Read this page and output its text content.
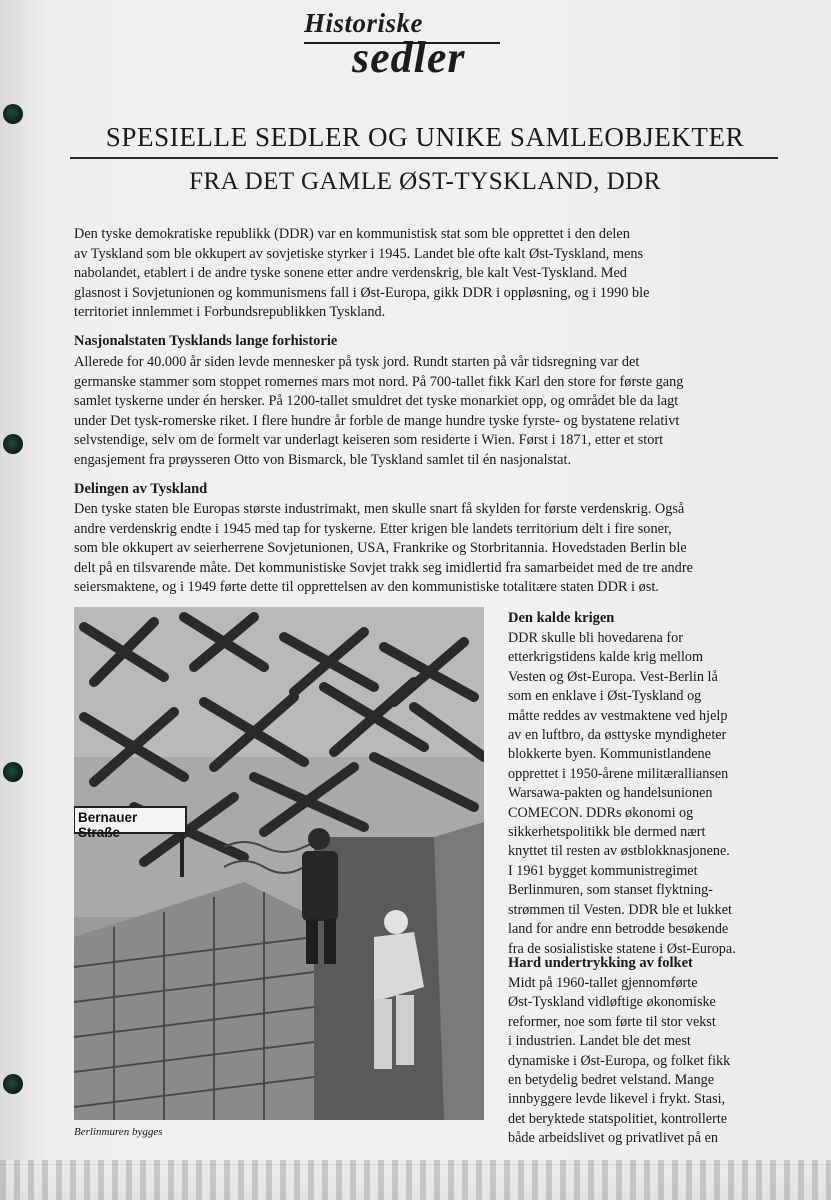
Historiske
sedler
SPESIELLE SEDLER OG UNIKE SAMLEOBJEKTER
FRA DET GAMLE ØST-TYSKLAND, DDR
Den tyske demokratiske republikk (DDR) var en kommunistisk stat som ble opprettet i den delen
av Tyskland som ble okkupert av sovjetiske styrker i 1945. Landet ble ofte kalt Øst-Tyskland, mens
nabolandet, etablert i de andre tyske sonene etter andre verdenskrig, ble kalt Vest-Tyskland. Med
glasnost i Sovjetunionen og kommunismens fall i Øst-Europa, gikk DDR i oppløsning, og i 1990 ble
territoriet innlemmet i Forbundsrepublikken Tyskland.
Nasjonalstaten Tysklands lange forhistorie
Allerede for 40.000 år siden levde mennesker på tysk jord. Rundt starten på vår tidsregning var det
germanske stammer som stoppet romernes mars mot nord. På 700-tallet fikk Karl den store for første gang
samlet tyskerne under én hersker. På 1200-tallet smuldret det tyske monarkiet opp, og området ble da lagt
under Det tysk-romerske riket. I flere hundre år forble de mange hundre tyske fyrste- og bystatene relativt
selvstendige, selv om de formelt var underlagt keiseren som residerte i Wien. Først i 1871, etter et stort
engasjement fra prøysseren Otto von Bismarck, ble Tyskland samlet til én nasjonalstat.
Delingen av Tyskland
Den tyske staten ble Europas største industrimakt, men skulle snart få skylden for første verdenskrig. Også
andre verdenskrig endte i 1945 med tap for tyskerne. Etter krigen ble landets territorium delt i fire soner,
som ble okkupert av seierherrene Sovjetunionen, USA, Frankrike og Storbritannia. Hovedstaden Berlin ble
delt på en tilsvarende måte. Det kommunistiske Sovjet trakk seg imidlertid fra samarbeidet med de tre andre
seiersmaktene, og i 1949 førte dette til opprettelsen av den kommunistiske totalitære staten DDR i øst.
Bernauer Straße
Berlinmuren bygges
Den kalde krigen
DDR skulle bli hovedarena for
etterkrigstidens kalde krig mellom
Vesten og Øst-Europa. Vest-Berlin lå
som en enklave i Øst-Tyskland og
måtte reddes av vestmaktene ved hjelp
av en luftbro, da østtyske myndigheter
blokkerte byen. Kommunistlandene
opprettet i 1950-årene militæralliansen
Warsawa-pakten og handelsunionen
COMECON. DDRs økonomi og
sikkerhetspolitikk ble dermed nært
knyttet til resten av østblokknasjonene.
I 1961 bygget kommunistregimet
Berlinmuren, som stanset flyktning-
strømmen til Vesten. DDR ble et lukket
land for andre enn betrodde besøkende
fra de sosialistiske statene i Øst-Europa.
Hard undertrykking av folket
Midt på 1960-tallet gjennomførte
Øst-Tyskland vidløftige økonomiske
reformer, noe som førte til stor vekst
i industrien. Landet ble det mest
dynamiske i Øst-Europa, og folket fikk
en betydelig bedret velstand. Mange
innbyggere levde likevel i frykt. Stasi,
det beryktede statspolitiet, kontrollerte
både arbeidslivet og privatlivet på en
